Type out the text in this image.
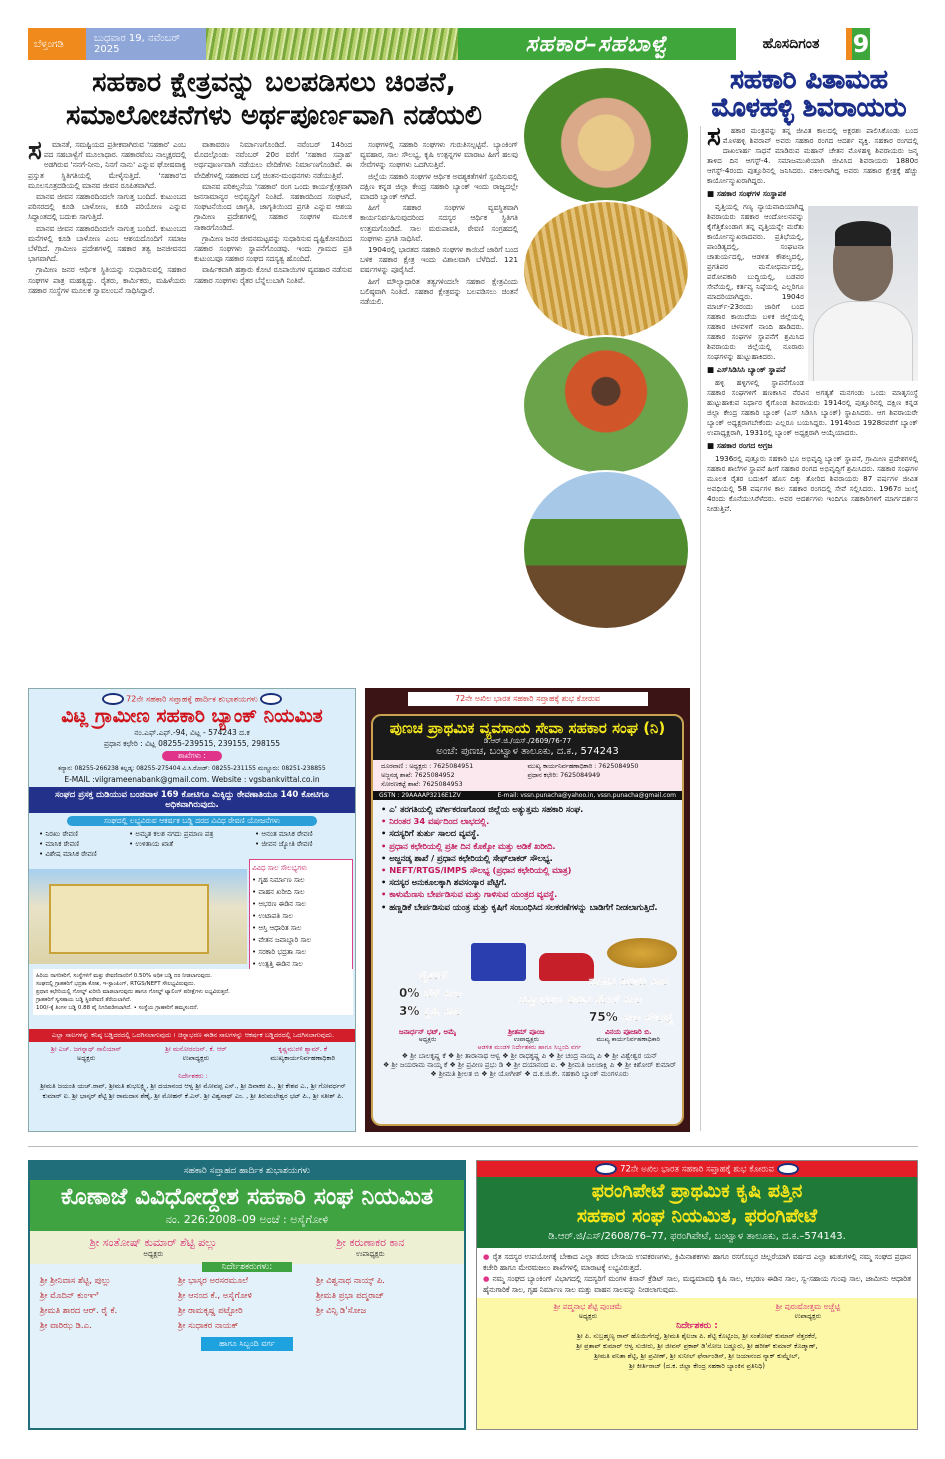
ಬೆಳ್ತಂಗಡಿ	ಬುಧವಾರ 19, ನವೆಂಬರ್ 2025	ಸಹಕಾರ–ಸಹಬಾಳ್ವೆ	ಹೊಸದಿಗಂತ	9
ಸಹಕಾರ ಕ್ಷೇತ್ರವನ್ನು ಬಲಪಡಿಸಲು ಚಿಂತನೆ,
ಸಮಾಲೋಚನೆಗಳು ಅರ್ಥಪೂರ್ಣವಾಗಿ ನಡೆಯಲಿ
ಸ	ಮಾನತೆ, ಸಮಷ್ಟಿಯದ ಪ್ರತೀಕವಾಗಿರುವ 'ಸಹಕಾರ' ಎಂಬ ಪದ ಸಹಬಾಳ್ವೆಗೆ ಮೂಲಾಧಾರ. ಸಹಕಾರವೆಂಬ ನಾಲ್ಕಕ್ಷರದಲ್ಲಿ ಅಡಗಿರುವ 'ನನಗೆ-ನೀನು, ನಿನಗೆ ನಾನು' ಎನ್ನುವ ಘೋಷವಾಕ್ಯ ಪ್ರಸ್ತುತ ಸ್ಥಿತಿಗತಿಯಲ್ಲಿ ಮೇಳೈಸುತ್ತಿದೆ. 'ಸಹಕಾರ'ದ ಮೂಲಸೂತ್ರದಡಿಯಲ್ಲಿ ಮಾನವ ಜೀವನ ರೂಪಿತವಾಗಿದೆ.

ಮಾನವ ಜೀವನ ಸಹಕಾರದಿಂದಲೇ ಸಾಗುತ್ತ ಬಂದಿದೆ. ಕುಟುಂಬದ ಪರಿಸರದಲ್ಲಿ ಕೂಡಿ ಬಾಳೋಣ, ಕೂಡಿ ಪರಿಯೋಣ ಎನ್ನುವ ಸಿದ್ಧಾಂತದಲ್ಲಿ ಬದುಕು ಸಾಗುತ್ತಿದೆ.

ಮಾನವ ಜೀವನ ಸಹಕಾರದಿಂದಲೇ ನಾಗುತ್ತ ಬಂದಿದೆ. ಕುಟುಂಬದ ಮನೆಗಳಲ್ಲಿ ಕೂಡಿ ಬಾಳೋಣ ಎಂಬ ಆಶಯದೊಂದಿಗೆ ಸಮಾಜ ಬೆಳೆದಿದೆ. ಗ್ರಾಮೀಣ ಪ್ರದೇಶಗಳಲ್ಲಿ ಸಹಕಾರ ತತ್ವ ಜನಜೀವನದ ಭಾಗವಾಗಿದೆ.

ಗ್ರಾಮೀಣ ಜನರ ಆರ್ಥಿಕ ಸ್ಥಿತಿಯನ್ನು ಸುಧಾರಿಸುವಲ್ಲಿ ಸಹಕಾರ ಸಂಘಗಳ ಪಾತ್ರ ಮಹತ್ವದ್ದು. ರೈತರು, ಕಾರ್ಮಿಕರು, ಮಹಿಳೆಯರು ಸಹಕಾರ ಸಂಸ್ಥೆಗಳ ಮೂಲಕ ಸ್ವಾವಲಂಬನೆ ಸಾಧಿಸಿದ್ದಾರೆ.

ವಾತಾವರಣ ನಿರ್ಮಾಣಗೊಂಡಿದೆ. ನವೆಂಬರ್ 14ರಿಂದ ಮೊದಲ್ಗೊಂಡು ನವೆಂಬರ್ 20ರ ವರೆಗೆ 'ಸಹಕಾರ ಸಪ್ತಾಹ' ಅರ್ಥಪೂರ್ಣವಾಗಿ ನಡೆಯಲು ವೇದಿಕೆಗಳು ನಿರ್ಮಾಣಗೊಂಡಿವೆ. ಈ ವೇದಿಕೆಗಳಲ್ಲಿ ಸಹಕಾರದ ಬಗ್ಗೆ ಚಿಂತನ-ಮಂಥನಗಳು ನಡೆಯುತ್ತಿವೆ.

ಮಾನವ ಪರಿಕಲ್ಪನೆಯ 'ಸಹಕಾರ' ರಂಗ ಒಂದು ಕಾರ್ಯಕ್ಷೇತ್ರವಾಗಿ ಜನಸಾಮಾನ್ಯರ ಅಭಿವೃದ್ಧಿಗೆ ನಿಂತಿದೆ. ಸಹಕಾರದಿಂದ ಸಂಘಟನೆ, ಸಂಘಟನೆಯಿಂದ ಜಾಗೃತಿ, ಜಾಗೃತಿಯಿಂದ ಪ್ರಗತಿ ಎನ್ನುವ ಆಶಯ ಗ್ರಾಮೀಣ ಪ್ರದೇಶಗಳಲ್ಲಿ ಸಹಕಾರ ಸಂಘಗಳ ಮೂಲಕ ಸಾಕಾರಗೊಂಡಿದೆ.

ಗ್ರಾಮೀಣ ಜನರ ಜೀವನಮಟ್ಟವನ್ನು ಸುಧಾರಿಸುವ ದೃಷ್ಟಿಕೋನದಿಂದ ಸಹಕಾರ ಸಂಘಗಳು ಸ್ಥಾಪನೆಗೊಂಡವು. ಇಂದು ಗ್ರಾಮದ ಪ್ರತಿ ಕುಟುಂಬವೂ ಸಹಕಾರ ಸಂಘದ ಸದಸ್ಯತ್ವ ಹೊಂದಿದೆ.

ವಾರ್ಷಿಕವಾಗಿ ಹತ್ತಾರು ಕೋಟಿ ರೂಪಾಯಿಗಳ ವ್ಯವಹಾರ ನಡೆಸುವ ಸಹಕಾರ ಸಂಘಗಳು ರೈತರ ಬೆನ್ನೆಲುಬಾಗಿ ನಿಂತಿವೆ.

ಸಂಘಗಳಲ್ಲಿ ಸಹಕಾರಿ ಸಂಘಗಳು ಗುರುತಿಸಲ್ಪಟ್ಟಿವೆ. ಬ್ಯಾಂಕಿಂಗ್ ವ್ಯವಹಾರ, ಸಾಲ ಸೌಲಭ್ಯ, ಕೃಷಿ ಉತ್ಪನ್ನಗಳ ಮಾರಾಟ ಹೀಗೆ ಹಲವು ಸೇವೆಗಳನ್ನು ಸಂಘಗಳು ಒದಗಿಸುತ್ತಿವೆ.

ಜಿಲ್ಲೆಯ ಸಹಕಾರಿ ಸಂಘಗಳ ಆರ್ಥಿಕ ಅವಶ್ಯಕತೆಗಳಿಗೆ ಸ್ಪಂದಿಸುವಲ್ಲಿ ದಕ್ಷಿಣ ಕನ್ನಡ ಜಿಲ್ಲಾ ಕೇಂದ್ರ ಸಹಕಾರಿ ಬ್ಯಾಂಕ್ ಇಂದು ರಾಜ್ಯದಲ್ಲೇ ಮಾದರಿ ಬ್ಯಾಂಕ್ ಆಗಿದೆ.

ಹೀಗೆ ಸಹಕಾರ ಸಂಘಗಳ ವ್ಯವಸ್ಥಿತವಾಗಿ ಕಾರ್ಯನಿರ್ವಹಿಸುವುದರಿಂದ ಸದಸ್ಯರ ಆರ್ಥಿಕ ಸ್ಥಿತಿಗತಿ ಉತ್ತಮಗೊಂಡಿದೆ. ಸಾಲ ಮರುಪಾವತಿ, ಠೇವಣಿ ಸಂಗ್ರಹದಲ್ಲಿ ಸಂಘಗಳು ಪ್ರಗತಿ ಸಾಧಿಸಿವೆ.

1904ರಲ್ಲಿ ಭಾರತದ ಸಹಕಾರಿ ಸಂಘಗಳ ಕಾಯಿದೆ ಜಾರಿಗೆ ಬಂದ ಬಳಿಕ ಸಹಕಾರ ಕ್ಷೇತ್ರ ಇಂದು ವಿಶಾಲವಾಗಿ ಬೆಳೆದಿದೆ. 121 ವರ್ಷಗಳನ್ನು ಪೂರೈಸಿದೆ.

ಹೀಗೆ ಮೌಲ್ಯಾಧಾರಿತ ತತ್ವಗಳಿಂದಲೇ ಸಹಕಾರ ಕ್ಷೇತ್ರವಿಂದು ಬಲಿಷ್ಠವಾಗಿ ನಿಂತಿದೆ. ಸಹಕಾರ ಕ್ಷೇತ್ರವನ್ನು ಬಲಪಡಿಸಲು ಚಿಂತನೆ ನಡೆಯಲಿ.

ಸಹಕಾರಿ ಪಿತಾಮಹ
ಮೊಳಹಳ್ಳಿ ಶಿವರಾಯರು
ಸ	ಹಕಾರ ಮಂತ್ರವನ್ನು ತನ್ನ ಜೀವಿತ ಕಾಲದಲ್ಲಿ ಅಕ್ಷರಶಃ ಪಾಲಿಸಿಕೊಂಡು ಬಂದ ಮೊಳಹಳ್ಳಿ ಶಿವರಾವ್ ಅವರು ಸಹಕಾರ ರಂಗದ ಆದರ್ಶ ವ್ಯಕ್ತಿ. ಸಹಕಾರ ರಂಗದಲ್ಲಿ ದಾಖಲಾರ್ಹ ಸಾಧನೆ ಮಾಡಿರುವ ಮಹಾನ್ ಚೇತನ ಮೊಳಹಳ್ಳಿ ಶಿವರಾಯರು ಜನ್ಮ ತಾಳಿದ ದಿನ ಆಗಸ್ಟ್-4. ಸಮಾಜಮುಖಿಯಾಗಿ ಜೀವಿಸಿದ ಶಿವರಾಯರು 1880ರ ಆಗಸ್ಟ್-4ರಂದು ಪುತ್ತೂರಿನಲ್ಲಿ ಜನಿಸಿದರು. ವಕೀಲರಾಗಿದ್ದ ಅವರು ಸಹಕಾರ ಕ್ಷೇತ್ರಕ್ಕೆ ಹೆಚ್ಚು ಕಾರ್ಯೋನ್ಮುಖರಾಗಿದ್ದರು.

■ ಸಹಕಾರ ಸಂಘಗಳ ಸಂಸ್ಥಾಪಕ

ವೃತ್ತಿಯಲ್ಲಿ ಗಣ್ಯ ನ್ಯಾಯವಾದಿಯಾಗಿದ್ದ ಶಿವರಾಯರು ಸಹಕಾರ ಆಂದೋಲನವನ್ನು ಕೈಗೆತ್ತಿಕೊಂಡಾಗ ತನ್ನ ವೃತ್ತಿಯನ್ನೇ ಮರೆತು ಕಾರ್ಯೋನ್ಮುಖರಾದವರು. ಪ್ರತಿಭೆಯಲ್ಲಿ, ಪಾಂಡಿತ್ಯದಲ್ಲಿ, ಸಂಘಟನಾ ಚಾತುರ್ಯದಲ್ಲಿ, ಆಡಳಿತ ಕೌಶಲ್ಯದಲ್ಲಿ, ಪ್ರಗತಿಪರ ಮನೋಧರ್ಮದಲ್ಲಿ, ಪರೋಪಕಾರಿ ಬುದ್ಧಿಯಲ್ಲಿ, ಬಡವರ ಸೇವೆಯಲ್ಲಿ, ಕರ್ತವ್ಯ ನಿಷ್ಠೆಯಲ್ಲಿ ಎಲ್ಲರಿಗೂ ಮಾದರಿಯಾಗಿದ್ದರು. 1904ರ ಮಾರ್ಚ್-23ರಂದು ಜಾರಿಗೆ ಬಂದ ಸಹಕಾರ ಕಾಯಿದೆಯ ಬಳಿಕ ಜಿಲ್ಲೆಯಲ್ಲಿ ಸಹಕಾರ ಚಳವಳಿಗೆ ನಾಂದಿ ಹಾಡಿದರು. ಸಹಕಾರ ಸಂಘಗಳ ಸ್ಥಾಪನೆಗೆ ಶ್ರಮಿಸಿದ ಶಿವರಾಯರು ಜಿಲ್ಲೆಯಲ್ಲಿ ನೂರಾರು ಸಂಘಗಳನ್ನು ಹುಟ್ಟುಹಾಕಿದರು.

■ ಎಸ್‌ಸಿಡಿಸಿಸಿ ಬ್ಯಾಂಕ್ ಸ್ಥಾಪನೆ

ಹಳ್ಳಿ ಹಳ್ಳಿಗಳಲ್ಲಿ ಸ್ಥಾಪನೆಗೊಂಡ ಸಹಕಾರ ಸಂಘಗಳಿಗೆ ಹಣಕಾಸಿನ ನೆರವಿನ ಅಗತ್ಯತೆ ಮನಗಂಡು ಒಂದು ಮಾತೃಸಂಸ್ಥೆ ಹುಟ್ಟುಹಾಕುವ ನಿರ್ಧಾರ ಕೈಗೊಂಡ ಶಿವರಾಯರು 1914ರಲ್ಲಿ ಪುತ್ತೂರಿನಲ್ಲಿ ದಕ್ಷಿಣ ಕನ್ನಡ ಜಿಲ್ಲಾ ಕೇಂದ್ರ ಸಹಕಾರಿ ಬ್ಯಾಂಕ್ (ಎಸ್ ಸಿಡಿಸಿಸಿ ಬ್ಯಾಂಕ್) ಸ್ಥಾಪಿಸಿದರು. ಆಗ ಶಿವರಾಯರೇ ಬ್ಯಾಂಕ್ ಅಧ್ಯಕ್ಷರಾಗಬೇಕೆಂದು ಎಲ್ಲರೂ ಬಯಸಿದ್ದರು. 1914ರಿಂದ 1928ರವರೆಗೆ ಬ್ಯಾಂಕ್ ಉಪಾಧ್ಯಕ್ಷರಾಗಿ, 1931ರಲ್ಲಿ ಬ್ಯಾಂಕ್ ಅಧ್ಯಕ್ಷರಾಗಿ ಆಯ್ಕೆಯಾದರು.

■ ಸಹಕಾರ ರಂಗದ ಅಗ್ರಜ

1936ರಲ್ಲಿ ಪುತ್ತೂರು ಸಹಕಾರಿ ಭೂ ಅಭಿವೃದ್ಧಿ ಬ್ಯಾಂಕ್ ಸ್ಥಾಪನೆ, ಗ್ರಾಮೀಣ ಪ್ರದೇಶಗಳಲ್ಲಿ ಸಹಕಾರ ಶಾಲೆಗಳ ಸ್ಥಾಪನೆ ಹೀಗೆ ಸಹಕಾರ ರಂಗದ ಅಭಿವೃದ್ಧಿಗೆ ಶ್ರಮಿಸಿದರು. ಸಹಕಾರ ಸಂಘಗಳ ಮೂಲಕ ರೈತರ ಬದುಕಿಗೆ ಹೊಸ ದಿಕ್ಕು ತೋರಿದ ಶಿವರಾಯರು 87 ವರ್ಷಗಳ ಜೀವಿತ ಅವಧಿಯಲ್ಲಿ 58 ವರ್ಷಗಳ ಕಾಲ ಸಹಕಾರ ರಂಗದಲ್ಲಿ ಸೇವೆ ಸಲ್ಲಿಸಿದರು. 1967ರ ಜುಲೈ 4ರಂದು ಕೊನೆಯುಸಿರೆಳೆದರು. ಅವರ ಆದರ್ಶಗಳು ಇಂದಿಗೂ ಸಹಕಾರಿಗಳಿಗೆ ಮಾರ್ಗದರ್ಶನ ನೀಡುತ್ತಿವೆ.

72ನೇ ಸಹಕಾರಿ ಸಪ್ತಾಹಕ್ಕೆ ಹಾರ್ದಿಕ ಶುಭಾಶಯಗಳು
ವಿಟ್ಲ ಗ್ರಾಮೀಣ ಸಹಕಾರಿ ಬ್ಯಾಂಕ್ ನಿಯಮಿತ
ನಂ.ಎಫ್.ಎಫ್.-94, ವಿಟ್ಲ - 574243 ದ.ಕ
ಪ್ರಧಾನ ಕಛೇರಿ : ವಿಟ್ಲ 08255-239515, 239155, 298155
ಶಾಖೆಗಳು :
ಕನ್ಯಾನ: 08255-266238 ಕಲ್ಲಡ್ಕ: 08255-275404 ವಿ.ಸಿ.ರೋಡ್: 08255-231155 ಮಣ್ಣೂರು: 08251-238855
E-MAIL :vilgrameenabank@gmail.com. Website : vgsbankvittal.co.in
ಸಂಘದ ಪ್ರಸಕ್ತ ದುಡಿಯುವ ಬಂಡವಾಳ 169 ಕೋಟಿಗೂ ಮಿಕ್ಕಿದ್ದು ಠೇವಣಾತಿಯೂ 140 ಕೋಟಿಗೂ ಅಧಿಕವಾಗಿರುವುದು.
ಸಂಘದಲ್ಲಿ ಲಭ್ಯವಿರುವ ಆಕರ್ಷಕ ಬಡ್ಡಿ ದರದ ವಿವಿಧ ಠೇವಣಿ ಯೋಜನೆಗಳು
• ನಿರಖು ಠೇವಣಿ	• ಅಮೃತ ಕಲಶ ನಗದು ಪ್ರಮಾಣ ಪತ್ರ	• ಆನಂತ ಮಾಸಿಕ ಠೇವಣಿ
• ಮಾಸಿಕ ಠೇವಣಿ	• ಉಳಿತಾಯ ಖಾತೆ	• ಜೀವನ ಜ್ಯೋತಿ ಠೇವಣಿ
• ವಿಶೇಷ ಮಾಸಿಕ ಠೇವಣಿ
ವಿವಿಧ ಸಾಲ ಸೌಲಭ್ಯಗಳು
• ಗೃಹ ನಿರ್ಮಾಣ ಸಾಲ
• ವಾಹನ ಖರೀದಿ ಸಾಲ
• ಆಭರಣ ಈಡಿನ ಸಾಲ
• ಉಟಾಪತಿ ಸಾಲ
• ಆಸ್ತಿ ಆಧಾರಿತ ಸಾಲ
• ವೇತನ ಜವಾಬ್ದಾರಿ ಸಾಲ
• ಸರಕಾರಿ ಭದ್ರತಾ ಸಾಲ
• ಉತ್ಪತ್ತಿ ಈಡಿನ ಸಾಲ
ಹಿರಿಯ ನಾಗರಿಕರಿಗೆ, ಸಂಸ್ಥೆಗಳಿಗೆ ಮತ್ತು ಠೇವಣಿದಾರರಿಗೆ 0.50% ಅಧಿಕ ಬಡ್ಡಿ ದರ ನೀಡಲಾಗುವುದು.
ಸಂಘದಲ್ಲಿ ಗ್ರಾಹಕರಿಗೆ ಭದ್ರತಾ ಕೋಶ, ಇ-ಸ್ಟಾಂಪಿಂಗ್, RTGS/NEFT ಸೌಲಭ್ಯವಿರುವುದು.
ಪ್ರಧಾನ ಕಛೇರಿಯಲ್ಲಿ ಗೋಲ್ಡ್ ಖರೀದಿ ಮಾಡಲಾಗುವುದು ಹಾಗೂ ಗೋಲ್ಡ್ ಟ್ಯಾಲಿಂಗ್ ಪರೀಕ್ಷೆಗಳು ಲಭ್ಯವಿರುತ್ತದೆ.
ಗ್ರಾಹಕರಿಗೆ ಸ್ವಸಹಾಯ ಬಡ್ಡಿ ಸ್ಥಿರಠೇವಣಿ ತೆರೆಯಲಾಗಿದೆ.
100/-ಕ್ಕೆ ತಿಂಗಳ ಬಡ್ಡಿ 0.88 ಪೈ ನಿಗದಿಪಡಿಸಲಾಗಿದೆ. • ಸಂಸ್ಥೆಯ ಗ್ರಾಹಕರಿಗೆ ಹಮ್ಮಸಂದನೆ.
ಎಲ್ಲಾ ಸಾಲಗಳನ್ನು ಕನಿಷ್ಠ ಬಡ್ಡಿದರದಲ್ಲಿ ಒದಗಿಸಲಾಗುವುದು । ಚಿನ್ನಾಭರಣ ಈಡಿನ ಸಾಲಗಳನ್ನು ಆಕರ್ಷಕ ಬಡ್ಡಿದರದಲ್ಲಿ ಒದಗಿಸಲಾಗುವುದು.
ಶ್ರೀ ಎಚ್. ಜಗನ್ನಾಥ್ ಸಾಲಿಯಾನ್
ಅಧ್ಯಕ್ಷರು
ಶ್ರೀ ಮನೋರಂಜನ್. ಕೆ. ಆರ್
ಉಪಾಧ್ಯಕ್ಷರು
ಕೃಷ್ಣಮುರಳಿ ಶ್ಯಾಮ್. ಕೆ
ಮುಖ್ಯಕಾರ್ಯನಿರ್ವಹಣಾಧಿಕಾರಿ
ನಿರ್ದೇಶಕರು :
ಶ್ರೀಮತಿ ಜಯಂತಿ ಯಚ್.ರಾವ್, ಶ್ರೀಮತಿ ಶುಭಲಕ್ಷ್ಮಿ, ಶ್ರೀ ದಯಾನಂದ ಆಳ್ವ ಶ್ರೀ ಮೋವಪ್ಪ ಎಸ್., ಶ್ರೀ ದಿವಾಕರ ಪಿ., ಶ್ರೀ ಕೇಶವ ಎ., ಶ್ರೀ ಗೋವರ್ಧನ್ ಕುಮಾರ್ ಐ. ಶ್ರೀ ಭಾಸ್ಕರ್ ಶೆಟ್ಟಿ ಶ್ರೀ ರಾಮದಾಸ ಶೆಣೈ, ಶ್ರೀ ಮೋಹನ್ ಕೆ.ಎಸ್. ಶ್ರೀ ವಿಶ್ವನಾಥ್ ಎಂ. , ಶ್ರೀ ತಿರುಮಲೇಶ್ವರ ಭಟ್ ಪಿ., ಶ್ರೀ ಸತೀಶ್ ಪಿ.
72ನೇ ಅಖಿಲ ಭಾರತ ಸಹಕಾರಿ ಸಪ್ತಾಹಕ್ಕೆ ಶುಭ ಕೋರುವ
ಪುಣಚ ಪ್ರಾಥಮಿಕ ವ್ಯವಸಾಯ ಸೇವಾ ಸಹಕಾರ ಸಂಘ (ನಿ)
ಡಿ.ಆರ್.ಜಿ./ಯಸ್./2609/76-77
ಅಂಚೆ: ಪುಣಚ, ಬಂಟ್ವಾಳ ತಾಲೂಕು, ದ.ಕ., 574243
ದೂರವಾಣಿ : ಅಧ್ಯಕ್ಷರು : 7625084951	ಮುಖ್ಯ ಕಾರ್ಯನಿರ್ವಹಣಾಧಿಕಾರಿ : 7625084950
ಅಜ್ಜನಡ್ಕ ಶಾಖೆ: 7625084952	ಪ್ರಧಾನ ಕಛೇರಿ: 7625084949
ಸೋರಣಕಟ್ಟೆ ಶಾಖೆ: 7625084953
GSTN : 29AAAAP3216E1ZV	E-mail: vssn.punacha@yahoo.in, vssn.punacha@gmail.com
• ಎ' ತರಗತಿಯಲ್ಲಿ ವರ್ಗೀಕರಣಗೊಂಡ ಜಿಲ್ಲೆಯ ಅತ್ಯುತ್ತಮ ಸಹಕಾರಿ ಸಂಘ.
• ನಿರಂತರ 34 ವರ್ಷದಿಂದ ಲಾಭದಲ್ಲಿ.
• ಸದಸ್ಯರಿಗೆ ತುರ್ತು ಸಾಲದ ವ್ಯವಸ್ಥೆ.
• ಪ್ರಧಾನ ಕಛೇರಿಯಲ್ಲಿ ಪ್ರತೀ ದಿನ ಕೊಕ್ಕೋ ಮತ್ತು ಅಡಿಕೆ ಖರೀದಿ.
• ಅಜ್ಜನಡ್ಕ ಶಾಖೆ / ಪ್ರಧಾನ ಕಛೇರಿಯಲ್ಲಿ ಸೇಫ್‌ಲಾಕರ್ ಸೌಲಭ್ಯ.
• NEFT/RTGS/IMPS ಸೌಲಭ್ಯ (ಪ್ರಧಾನ ಕಛೇರಿಯಲ್ಲಿ ಮಾತ್ರ)
• ಸದಸ್ಯರ ಅನುಕೂಲಕ್ಕಾಗಿ ಶವಸಂಸ್ಕಾರ ಪೆಟ್ಟಿಗೆ.
• ಕಾಳುಮೆಣಸು ಬೇರ್ಪಡಿಸುವ ಮತ್ತು ಗಾಳಿಸುವ ಯಂತ್ರದ ವ್ಯವಸ್ಥೆ.
• ಹಣ್ಣಡಿಕೆ ಬೇರ್ಪಡಿಸುವ ಯಂತ್ರ ಮತ್ತು ಕೃಷಿಗೆ ಸಂಬಂಧಿಸಿದ ಸಲಕರಣೆಗಳನ್ನು ಬಾಡಿಗೆಗೆ ನೀಡಲಾಗುತ್ತಿದೆ.
ರೈತರಿಗೆ
0% ಬೆಳೆ ಸಾಲ
3% ಕೃಷಿ ಸಾಲ
ವಾಹನ ಖರೀದಿ ಸಾಲ
ಚಿನ್ನಾಭರಣ ಈಡಿನ ಮೇಲೆ ಸಾಲ
75% ಸಾಲ ಸೌಲಭ್ಯ
ಜನಾರ್ಧನ್ ಭಟ್, ಅಮೈ
ಅಧ್ಯಕ್ಷರು
ಶ್ರೀತಮ್ ಪೂಂಜ
ಉಪಾಧ್ಯಕ್ಷರು
ವಿನಯ ಪೂಜಾರಿ ಬಿ.
ಮುಖ್ಯ ಕಾರ್ಯನಿರ್ವಹಣಾಧಿಕಾರಿ
ಆಡಳಿತ ಮಂಡಳಿ ನಿರ್ದೇಶಕರು ಹಾಗೂ ಸಿಬ್ಬಂದಿ ವರ್ಗ
❖ ಶ್ರೀ ಬಾಲಕೃಷ್ಣ ಕೆ ❖ ಶ್ರೀ ತಾರಾನಾಥ ಆಳ್ವ ❖ ಶ್ರೀ ರಾಧಕೃಷ್ಣ ಪಿ ❖ ಶ್ರೀ ಚಂದ್ರ ನಾಯ್ಕ ಪಿ ❖ ಶ್ರೀ ವಿಶ್ವೇಶ್ವರ ಯನ್
❖ ಶ್ರೀ ಜಯರಾಮ ನಾಯ್ಕ ಕೆ ❖ ಶ್ರೀ ಪ್ರವೀಣ ಪ್ರಭು ಡಿ ❖ ಶ್ರೀ ದಯಾನಂದ ಐ. ❖ ಶ್ರೀಮತಿ ಜಲಜಾಕ್ಷಿ ಪಿ ❖ ಶ್ರೀ ಕಿಶೋರ್ ಕುಮಾರ್
❖ ಶ್ರೀಮತಿ ಶ್ರೀಲತ ಬಿ ❖ ಶ್ರೀ ಯೋಗೀಶ್ ❖ ದ.ಕ.ಜಿ.ಕೇ. ಸಹಕಾರಿ ಬ್ಯಾಂಕ್ ಮಂಗಳೂರು
ಸಹಕಾರಿ ಸಪ್ತಾಹದ ಹಾರ್ದಿಕ ಶುಭಾಶಯಗಳು
ಕೊಣಾಜೆ ವಿವಿಧೋದ್ದೇಶ ಸಹಕಾರಿ ಸಂಘ ನಿಯಮಿತ
ನಂ. 226:2008–09 ಅಂಚೆ : ಅಸೈಗೋಳಿ
ಶ್ರೀ ಸಂತೋಷ್ ಕುಮಾರ್ ಶೆಟ್ಟಿ ಪಲ್ಲು
ಅಧ್ಯಕ್ಷರು
ಶ್ರೀ ಕರುಣಾಕರ ಕಾನ
ಉಪಾಧ್ಯಕ್ಷರು
ನಿರ್ದೇಶಕರುಗಳು:
ಶ್ರೀ ಶ್ರೀನಿವಾಸ ಶೆಟ್ಟಿ, ಪುಲ್ಲು	ಶ್ರೀ ಭಾಸ್ಕರ ಅರಸರಮೂಲೆ	ಶ್ರೀ ವಿಶ್ವನಾಥ ನಾಯ್ಕ್ ಪಿ.
ಶ್ರೀ ಮೊದಿನ್ ಕುಂಞಿ	ಶ್ರೀ ಆನಂದ ಕೆ., ಅಸೈಗೋಳಿ	ಶ್ರೀಮತಿ ಪ್ರಭಾ ಪದ್ಮರಾಜ್
ಶ್ರೀಮತಿ ಶಾರದ ಆರ್. ರೈ ಕೆ.	ಶ್ರೀ ರಾಮಕೃಷ್ಣ ಪಟ್ಟೋರಿ	ಶ್ರೀ ವಿನ್ಸಿ ಡಿ'ಸೋಜ
ಶ್ರೀ ವಾರಿಝ ಡಿ.ಎ.	ಶ್ರೀ ಸುಧಾಕರ ನಾಯಕ್
ಹಾಗೂ ಸಿಬ್ಬಂದಿ ವರ್ಗ
72ನೇ ಅಖಿಲ ಭಾರತ ಸಹಕಾರಿ ಸಪ್ತಾಹಕ್ಕೆ ಶುಭ ಕೋರುವ
ಫರಂಗಿಪೇಟೆ ಪ್ರಾಥಮಿಕ ಕೃಷಿ ಪತ್ತಿನ
ಸಹಕಾರ ಸಂಘ ನಿಯಮಿತ, ಫರಂಗಿಪೇಟೆ
ಡಿ.ಆರ್.ಜಿ/ಎಸ್/2608/76–77, ಫರಂಗಿಪೇಟೆ, ಬಂಟ್ವಾಳ ತಾಲೂಕು, ದ.ಕ.–574143.
● ರೈತ ಸದಸ್ಯರ ಉಪಯೋಗಕ್ಕೆ ಬೇಕಾದ ಎಲ್ಲಾ ತರದ ಬೇಸಾಯ ಉಪಕರಣಗಳು, ಕ್ರಿಮಿನಾಶಕಗಳು ಹಾಗೂ ರಸಗೊಬ್ಬರ ಚಿಲ್ಲರೆಯಾಗಿ ವರ್ಷದ ಎಲ್ಲಾ ಋತುಗಳಲ್ಲಿ ನಮ್ಮ ಸಂಘದ ಪ್ರಧಾನ ಕಚೇರಿ ಹಾಗೂ ಮೇರಮಜಲು ಶಾಖೆಗಳಲ್ಲಿ ಮಾರಾಟಕ್ಕೆ ಲಭ್ಯವಿರುತ್ತದೆ.
● ನಮ್ಮ ಸಂಘದ ಬ್ಯಾಂಕಿಂಗ್ ವಿಭಾಗದಲ್ಲಿ ಸದಸ್ಯರಿಗೆ ಮಂಗಳ ಕಿಸಾನ್ ಕ್ರೆಡಿಟ್ ಸಾಲ, ಮಧ್ಯಮಾವಧಿ ಕೃಷಿ ಸಾಲ, ಆಭರಣ ಈಡಿನ ಸಾಲ, ಸ್ವ-ಸಹಾಯ ಗುಂಪು ಸಾಲ, ಜಾಮೀನು ಆಧಾರಿತ ಹೈನುಗಾರಿಕೆ ಸಾಲ, ಗೃಹ ನಿರ್ಮಾಣ ಸಾಲ ಮತ್ತು ವಾಹನ ಸಾಲವನ್ನು ನೀಡಲಾಗುವುದು.
ಶ್ರೀ ಪದ್ಮನಾಭ ಶೆಟ್ಟಿ ಪುಂಚಮೆ
ಅಧ್ಯಕ್ಷರು
ಶ್ರೀ ಪುರುಷೋತ್ತಮ ಅಚ್ಚೆಟ್ಟಿ
ಉಪಾಧ್ಯಕ್ಷರು
ನಿರ್ದೇಶಕರು :
ಶ್ರೀ ಪಿ. ಸುಬ್ರಹ್ಮಣ್ಯ ರಾವ್ ಹೊಯಿಗೆಗದ್ದೆ, ಶ್ರೀಮತಿ ಶೈಲಜಾ ಪಿ. ಶೆಟ್ಟಿ ಕೊಟ್ಟಿಂಜ, ಶ್ರೀ ಸಂತೋಷ್ ಕುಮಾರ್ ನೆತ್ತರಕೆರೆ,
ಶ್ರೀ ಪ್ರತಾಪ್ ಕುಮಾರ್ ಆಳ್ವ ಸುಜೀರು, ಶ್ರೀ ಜೀವನ್ ಪ್ರಕಾಶ್ ಡಿ'ಸೋಜ ಬಡ್ಡೂರು, ಶ್ರೀ ಹರೀಶ್ ಕುಮಾರ್ ಕೊಡ್ಮಾಣ್,
ಶ್ರೀಮತಿ ವನಿತಾ ಶೆಟ್ಟಿ, ಶ್ರೀ ಪ್ರವೀಣ್, ಶ್ರೀ ಸುನೀಲ್ ಫೆರ್ನಾಂಡಿಸ್, ಶ್ರೀ ಜಯಾನಂದ ನ್ಯಾಕ್ ಕುಮ್ಡೇಲ್,
ಶ್ರೀ ಕೀರ್ತಿರಾಜ್ (ದ.ಕ. ಜಿಲ್ಲಾ ಕೇಂದ್ರ ಸಹಕಾರಿ ಬ್ಯಾಂಕಿನ ಪ್ರತಿನಿಧಿ)
